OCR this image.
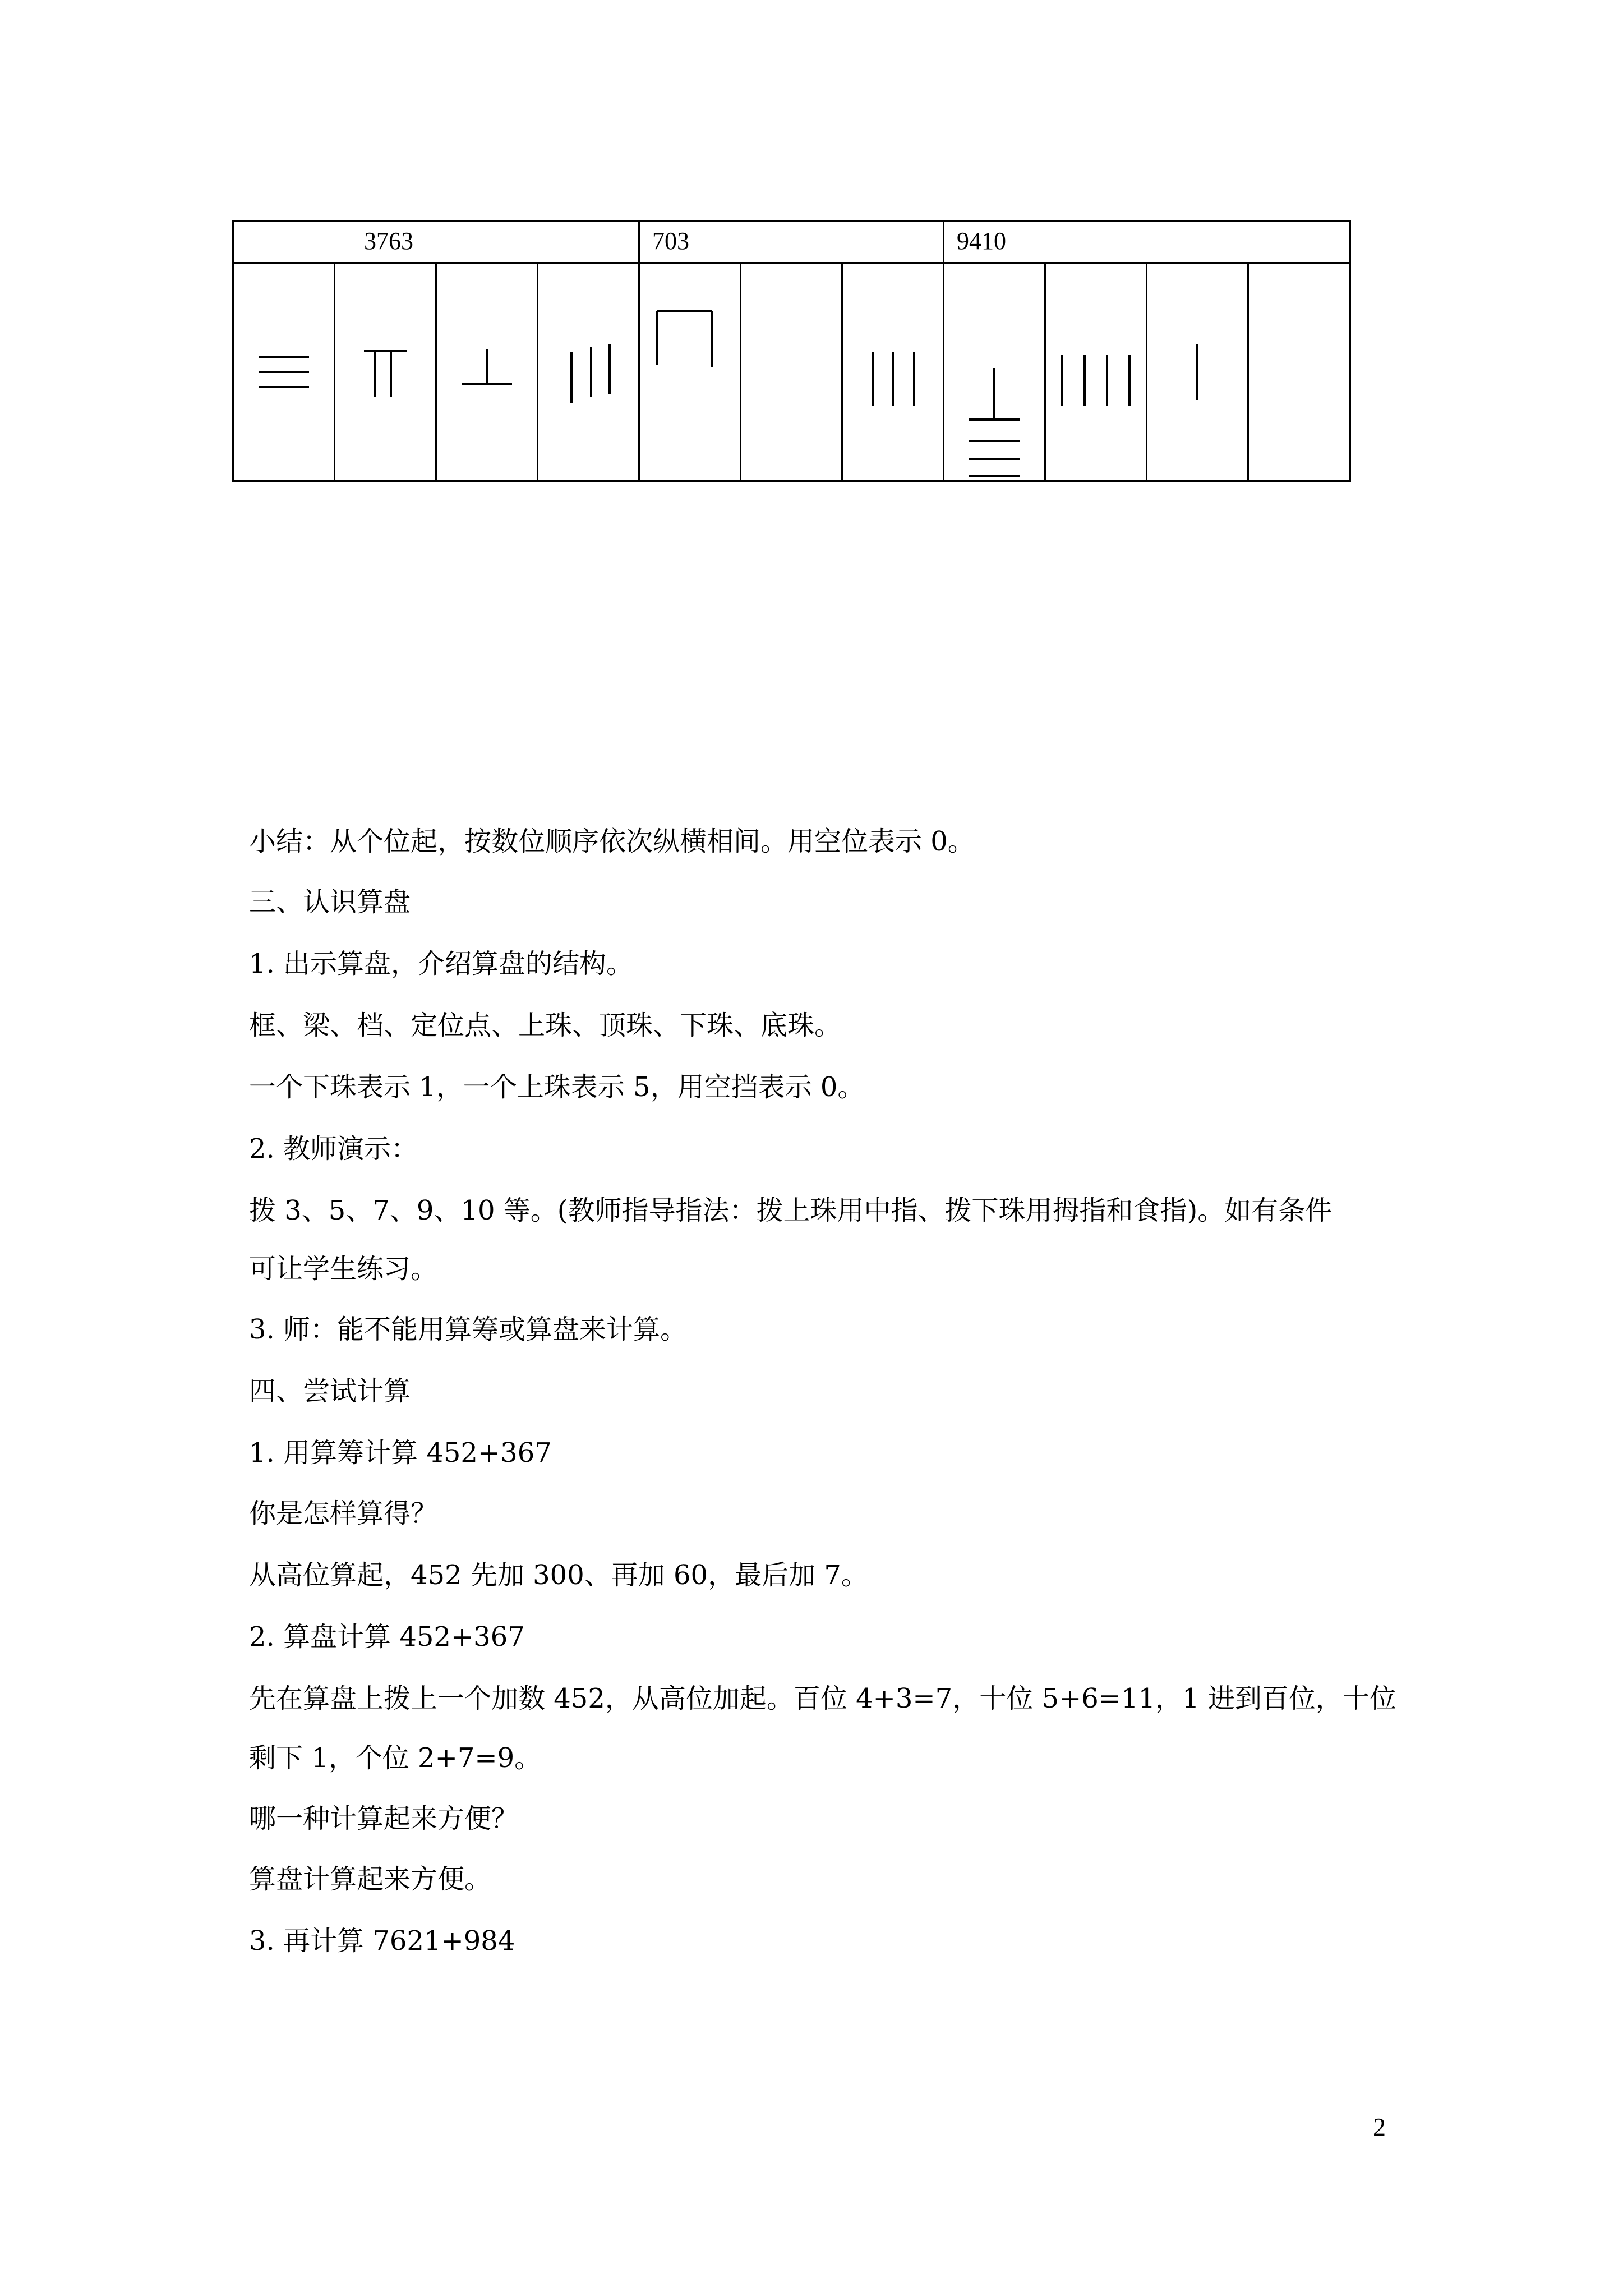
3763				703			9410			

小结：从个位起，按数位顺序依次纵横相间。用空位表示 0。
三、认识算盘
1. 出示算盘，介绍算盘的结构。
框、梁、档、定位点、上珠、顶珠、下珠、底珠。
一个下珠表示 1，一个上珠表示 5，用空挡表示 0。
2. 教师演示：
拨 3、5、7、9、10 等。(教师指导指法：拨上珠用中指、拨下珠用拇指和食指)。如有条件
可让学生练习。
3. 师：能不能用算筹或算盘来计算。
四、尝试计算
1. 用算筹计算 452+367
你是怎样算得？
从高位算起，452 先加 300、再加 60，最后加 7。
2. 算盘计算 452+367
先在算盘上拨上一个加数 452，从高位加起。百位 4+3=7，十位 5+6=11，1 进到百位，十位
剩下 1，个位 2+7=9。
哪一种计算起来方便？
算盘计算起来方便。
3. 再计算 7621+984
2
